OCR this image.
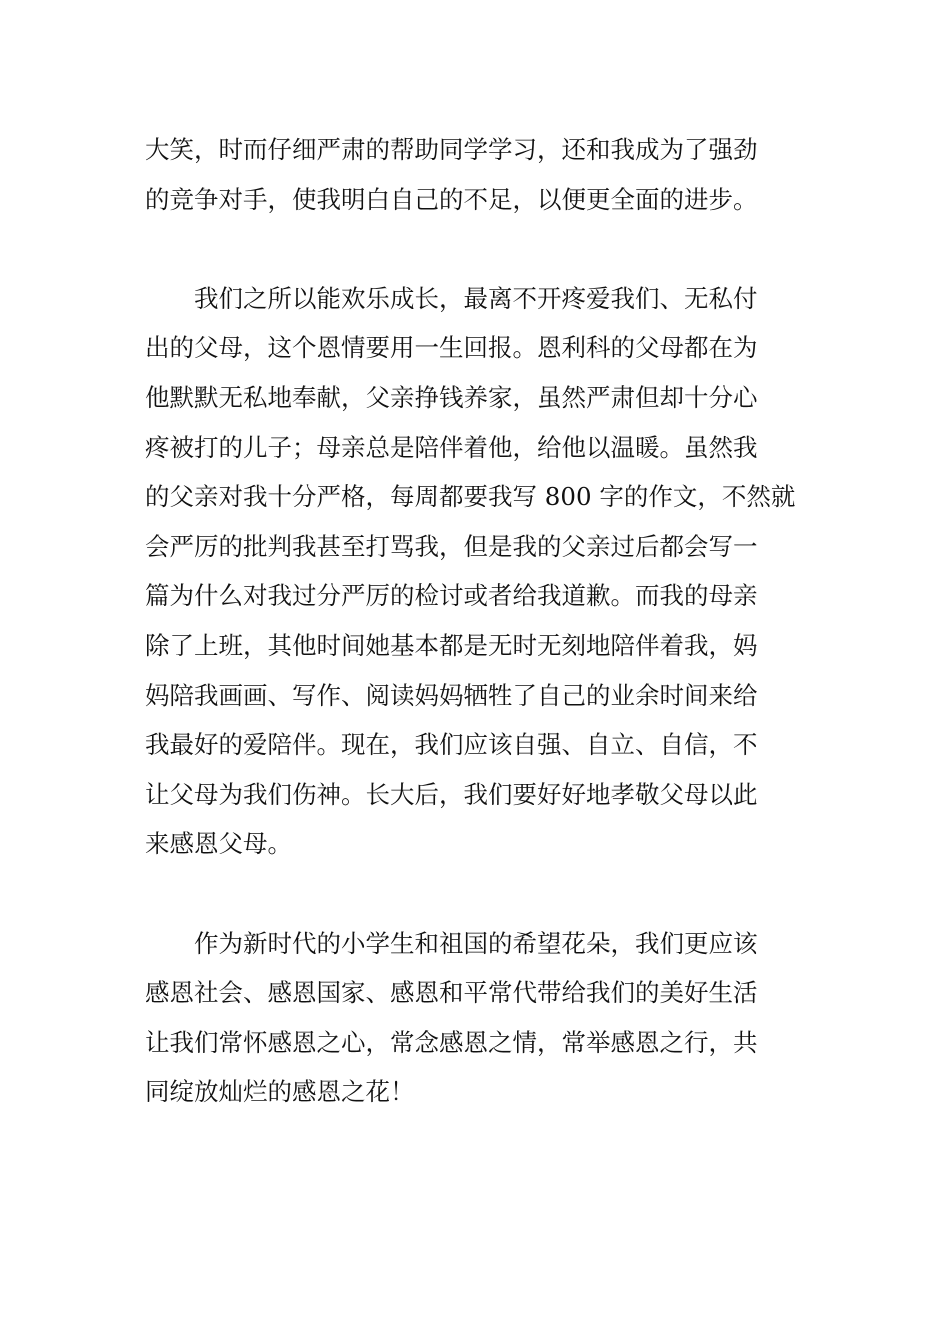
大笑，时而仔细严肃的帮助同学学习，还和我成为了强劲
的竞争对手，使我明白自己的不足，以便更全面的进步。
我们之所以能欢乐成长，最离不开疼爱我们、无私付
出的父母，这个恩情要用一生回报。恩利科的父母都在为
他默默无私地奉献，父亲挣钱养家，虽然严肃但却十分心
疼被打的儿子；母亲总是陪伴着他，给他以温暖。虽然我
的父亲对我十分严格，每周都要我写 800 字的作文，不然就
会严厉的批判我甚至打骂我，但是我的父亲过后都会写一
篇为什么对我过分严厉的检讨或者给我道歉。而我的母亲
除了上班，其他时间她基本都是无时无刻地陪伴着我，妈
妈陪我画画、写作、阅读妈妈牺牲了自己的业余时间来给
我最好的爱陪伴。现在，我们应该自强、自立、自信，不
让父母为我们伤神。长大后，我们要好好地孝敬父母以此
来感恩父母。
作为新时代的小学生和祖国的希望花朵，我们更应该
感恩社会、感恩国家、感恩和平常代带给我们的美好生活
让我们常怀感恩之心，常念感恩之情，常举感恩之行，共
同绽放灿烂的感恩之花！
